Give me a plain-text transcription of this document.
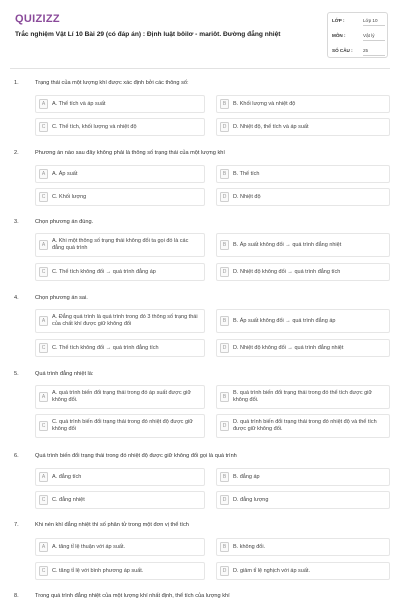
QUIZIZZ
Trắc nghiệm Vật Lí 10 Bài 29 (có đáp án) : Định luật bôilơ - mariôt. Đường đẳng nhiệt
LỚP :	Lớp 10
MÔN :	Vật lý
SỐ CÂU : 25
1.	Trạng thái của một lượng khí được xác định bởi các thông số:
A	A. Thể tích và áp suất	B	B. Khối lượng và nhiệt độ
C	C. Thể tích, khối lượng và nhiệt độ	D	D. Nhiệt độ, thể tích và áp suất
2.	Phương án nào sau đây không phải là thông số trạng thái của một lượng khí
A	A. Áp suất	B	B. Thể tích
C	C. Khối lượng	D	D. Nhiệt độ
3.	Chọn phương án đúng.
A
A. Khi một thông số trạng thái không đổi ta gọi đó là các đẳng quá trình	B	B. Áp suất không đổi → quá trình đẳng nhiệt
C	C. Thể tích không đổi → quá trình đẳng áp	D	D. Nhiệt độ không đổi → quá trình đẳng tích
4.	Chọn phương án sai.
A
A. Đẳng quá trình là quá trình trong đó 3 thông số trạng thái của chất khí được giữ không đổi	B	B. Áp suất không đổi → quá trình đẳng áp
C	C. Thể tích không đổi → quá trình đẳng tích	D	D. Nhiệt độ không đổi → quá trình đẳng nhiệt
5.	Quá trình đẳng nhiệt là:
A
A. quá trình biến đổi trạng thái trong đó áp suất được giữ không đổi.	B
B. quá trình biến đổi trạng thái trong đó thể tích được giữ không đổi.
C
C. quá trình biến đổi trạng thái trong đó nhiệt độ được giữ không đổi	D
D. quá trình biến đổi trạng thái trong đó nhiệt độ và thể tích được giữ không đổi.
6.	Quá trình biến đổi trạng thái trong đó nhiệt độ được giữ không đổi gọi là quá trình
A	A. đẳng tích	B	B. đẳng áp
C	C. đẳng nhiệt	D	D. đẳng lượng
7.	Khi nén khí đẳng nhiệt thì số phân tử trong một đơn vị thể tích
A	A. tăng tỉ lệ thuận với áp suất.	B	B. không đổi.
C	C. tăng tỉ lệ với bình phương áp suất.	D	D. giảm tỉ lệ nghịch với áp suất.
8.	Trong quá trình đẳng nhiệt của một lượng khí nhất định, thể tích của lượng khí
